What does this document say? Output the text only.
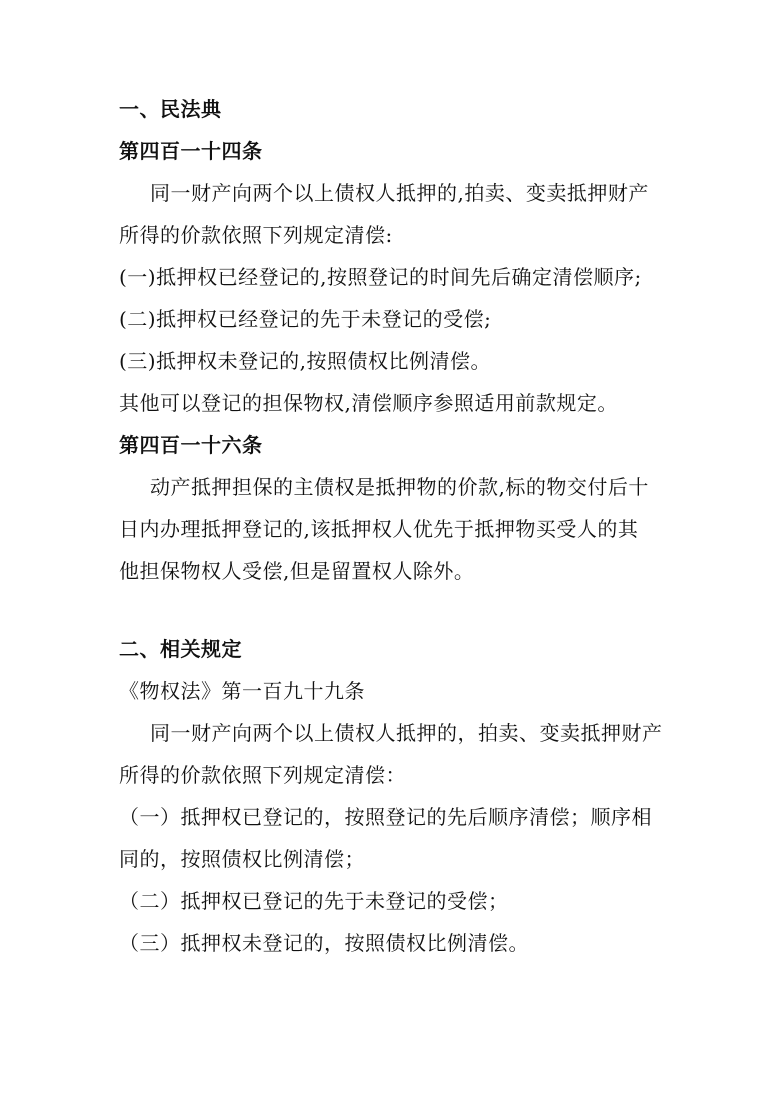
一、民法典
第四百一十四条
同一财产向两个以上债权人抵押的,拍卖、变卖抵押财产
所得的价款依照下列规定清偿:
(一)抵押权已经登记的,按照登记的时间先后确定清偿顺序;
(二)抵押权已经登记的先于未登记的受偿;
(三)抵押权未登记的,按照债权比例清偿。
其他可以登记的担保物权,清偿顺序参照适用前款规定。
第四百一十六条
动产抵押担保的主债权是抵押物的价款,标的物交付后十
日内办理抵押登记的,该抵押权人优先于抵押物买受人的其
他担保物权人受偿,但是留置权人除外。
二、相关规定
《物权法》第一百九十九条
同一财产向两个以上债权人抵押的，拍卖、变卖抵押财产
所得的价款依照下列规定清偿：
（一）抵押权已登记的，按照登记的先后顺序清偿；顺序相
同的，按照债权比例清偿；
（二）抵押权已登记的先于未登记的受偿；
（三）抵押权未登记的，按照债权比例清偿。
